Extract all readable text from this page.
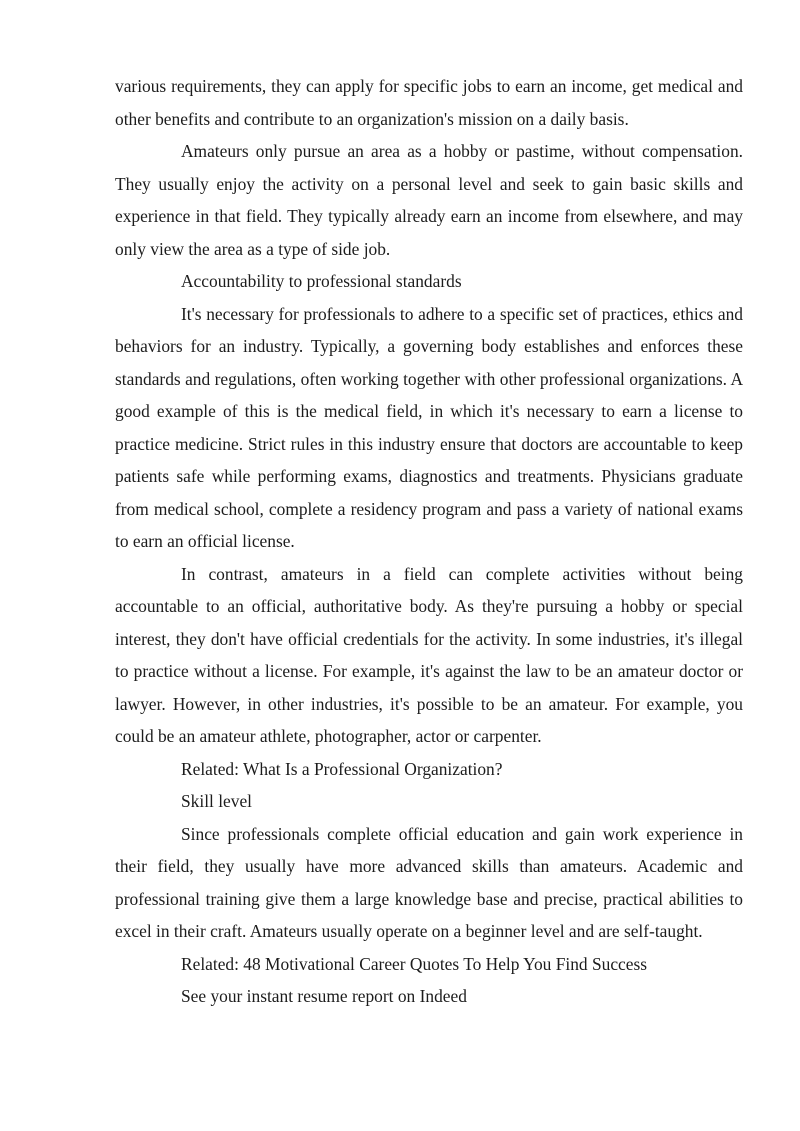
various requirements, they can apply for specific jobs to earn an income, get medical and other benefits and contribute to an organization's mission on a daily basis.

Amateurs only pursue an area as a hobby or pastime, without compensation. They usually enjoy the activity on a personal level and seek to gain basic skills and experience in that field. They typically already earn an income from elsewhere, and may only view the area as a type of side job.

Accountability to professional standards

It's necessary for professionals to adhere to a specific set of practices, ethics and behaviors for an industry. Typically, a governing body establishes and enforces these standards and regulations, often working together with other professional organizations. A good example of this is the medical field, in which it's necessary to earn a license to practice medicine. Strict rules in this industry ensure that doctors are accountable to keep patients safe while performing exams, diagnostics and treatments. Physicians graduate from medical school, complete a residency program and pass a variety of national exams to earn an official license.

In contrast, amateurs in a field can complete activities without being accountable to an official, authoritative body. As they're pursuing a hobby or special interest, they don't have official credentials for the activity. In some industries, it's illegal to practice without a license. For example, it's against the law to be an amateur doctor or lawyer. However, in other industries, it's possible to be an amateur. For example, you could be an amateur athlete, photographer, actor or carpenter.

Related: What Is a Professional Organization?

Skill level

Since professionals complete official education and gain work experience in their field, they usually have more advanced skills than amateurs. Academic and professional training give them a large knowledge base and precise, practical abilities to excel in their craft. Amateurs usually operate on a beginner level and are self-taught.

Related: 48 Motivational Career Quotes To Help You Find Success

See your instant resume report on Indeed
